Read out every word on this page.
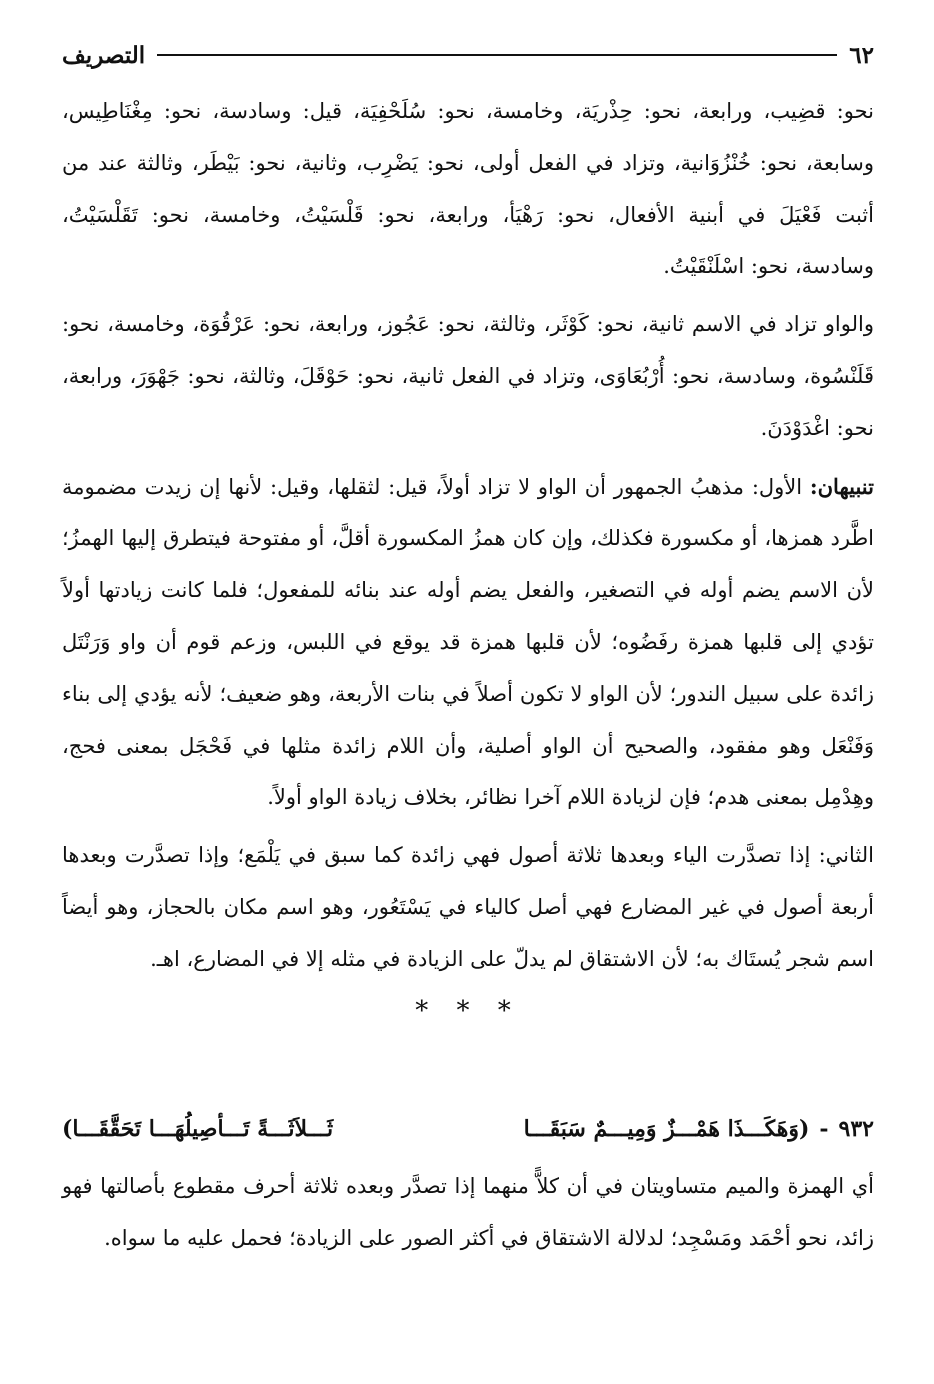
٦٢
التصريف

نحو: قضِيب، ورابعة، نحو: حِذْريَة، وخامسة، نحو: سُلَحْفِيَة، قيل: وسادسة، نحو: مِغْنَاطِيس، وسابعة، نحو: خُنْزُوَانية، وتزاد في الفعل أولى، نحو: يَضْرِب، وثانية، نحو: بَيْطَر، وثالثة عند من أثبت فَعْيَلَ في أبنية الأفعال، نحو: رَهْيَأ، ورابعة، نحو: قَلْسَيْتُ، وخامسة، نحو: تَقَلْسَيْتُ، وسادسة، نحو: اسْلَنْقَيْتُ.

والواو تزاد في الاسم ثانية، نحو: كَوْثَر، وثالثة، نحو: عَجُوز، ورابعة، نحو: عَرْقُوَة، وخامسة، نحو: قَلَنْسُوة، وسادسة، نحو: أُرْبُعَاوَى، وتزاد في الفعل ثانية، نحو: حَوْقَلَ، وثالثة، نحو: جَهْوَرَ، ورابعة، نحو: اغْدَوْدَنَ.

تنبيهان: الأول: مذهبُ الجمهور أن الواو لا تزاد أولاً، قيل: لثقلها، وقيل: لأنها إن زيدت مضمومة اطَّرد همزها، أو مكسورة فكذلك، وإن كان همزُ المكسورة أقلَّ، أو مفتوحة فيتطرق إليها الهمزُ؛ لأن الاسم يضم أوله في التصغير، والفعل يضم أوله عند بنائه للمفعول؛ فلما كانت زيادتها أولاً تؤدي إلى قلبها همزة رفَضُوه؛ لأن قلبها همزة قد يوقع في اللبس، وزعم قوم أن واو وَرَنْتَل زائدة على سبيل الندور؛ لأن الواو لا تكون أصلاً في بنات الأربعة، وهو ضعيف؛ لأنه يؤدي إلى بناء وَفَنْعَل وهو مفقود، والصحيح أن الواو أصلية، وأن اللام زائدة مثلها في فَحْجَل بمعنى فحج، وهِدْمِل بمعنى هدم؛ فإن لزيادة اللام آخرا نظائر، بخلاف زيادة الواو أولاً.

الثاني: إذا تصدَّرت الياء وبعدها ثلاثة أصول فهي زائدة كما سبق في يَلْمَع؛ وإذا تصدَّرت وبعدها أربعة أصول في غير المضارع فهي أصل كالياء في يَسْتَعُور، وهو اسم مكان بالحجاز، وهو أيضاً اسم شجر يُستَاك به؛ لأن الاشتقاق لم يدلّ على الزيادة في مثله إلا في المضارع، اهـ.

* * *
٩٣٢
-
(وَهَكَـــذَا هَمْـــزٌ وَمِيـــمٌ سَبَقَـــا
ثَـــلاَثَـــةً تَـــأصِيلُهَـــا تَحَقَّقَـــا)

أي الهمزة والميم متساويتان في أن كلاًّ منهما إذا تصدَّر وبعده ثلاثة أحرف مقطوع بأصالتها فهو زائد، نحو أحْمَد ومَسْجِد؛ لدلالة الاشتقاق في أكثر الصور على الزيادة؛ فحمل عليه ما سواه.
